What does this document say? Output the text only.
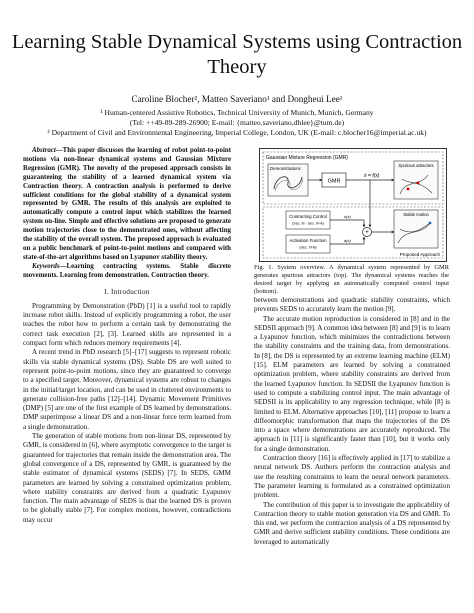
Learning Stable Dynamical Systems using Contraction Theory
Caroline Blocher², Matteo Saveriano¹ and Dongheui Lee¹
¹ Human-centered Assistive Robotics, Technical University of Munich, Munich, Germany
(Tel: ++49-89-289-26900; E-mail: {matteo.saveriano,dhlee}@tum.de)
² Department of Civil and Environmental Engineering, Imperial College, London, UK (E-mail: c.blocher16@imperial.ac.uk)

Abstract—This paper discusses the learning of robot point-to-point motions via non-linear dynamical systems and Gaussian Mixture Regression (GMR). The novelty of the proposed approach consists in guaranteeing the stability of a learned dynamical system via Contraction theory. A contraction analysis is performed to derive sufficient conditions for the global stability of a dynamical system represented by GMR. The results of this analysis are exploited to automatically compute a control input which stabilizes the learned system on-line. Simple and effective solutions are proposed to generate motion trajectories close to the demonstrated ones, without affecting the stability of the overall system. The proposed approach is evaluated on a public benchmark of point-to-point motions and compared with state-of-the-art algorithms based on Lyapunov stability theory.

Keywords—Learning contracting systems. Stable discrete movements. Learning from demonstration. Contraction theory.

I. Introduction

Programming by Demonstration (PbD) [1] is a useful tool to rapidly increase robot skills. Instead of explicitly programming a robot, the user teaches the robot how to perform a certain task by demonstrating the correct task execution [2], [3]. Learned skills are represented in a compact form which reduces memory requirements [4].

A recent trend in PbD research [5]–[17] suggests to represent robotic skills via stable dynamical systems (DS). Stable DS are well suited to represent point-to-point motions, since they are guaranteed to converge to a specified target. Moreover, dynamical systems are robust to changes in the initial/target location, and can be used in cluttered environments to generate collision-free paths [12]–[14]. Dynamic Movement Primitives (DMP) [5] are one of the first example of DS learned by demonstrations. DMP superimpose a linear DS and a non-linear force term learned from a single demonstration.

The generation of stable motions from non-linear DS, represented by GMR, is considered in [6], where asymptotic convergence to the target is guaranteed for trajectories that remain inside the demonstration area. The global convergence of a DS, represented by GMR, is guaranteed by the stable estimator of dynamical systems (SEDS) [7]. In SEDS, GMM parameters are learned by solving a constrained optimization problem, where stability constraints are derived from a quadratic Lyapunov function. The main advantage of SEDS is that the learned DS is proven to be globally stable [7]. For complex motions, however, contradictions may occur

Gaussian Mixture Regression (GMR)
Demonstrations
GMR
ẋ = f(x)
Spurious attractors
Proposed Approach
Contracting Control
(Sec. III - Sec. IV-A)
Activation Function
(Sec. IV-B)
u(x)
a(x)
+
Stable motion
Fig. 1. System overview. A dynamical system represented by GMR generates spurious attractors (top). The dynamical systems reaches the desired target by applying an automatically computed control input (bottom).

between demonstrations and quadratic stability constraints, which prevents SEDS to accurately learn the motion [9].

The accurate motion reproduction is considered in [8] and in the SEDSII approach [9]. A common idea between [8] and [9] is to learn a Lyapunov function, which minimizes the contradictions between the stability constraints and the training data, from demonstrations. In [8], the DS is represented by an extreme learning machine (ELM) [15]. ELM parameters are learned by solving a constrained optimization problem, where stability constraints are derived from the learned Lyapunov function. In SEDSII the Lyapunov function is used to compute a stabilizing control input. The main advantage of SEDSII is its applicability to any regression technique, while [8] is limited to ELM. Alternative approaches [10], [11] propose to learn a diffeomorphic transformation that maps the trajectories of the DS into a space where demonstrations are accurately reproduced. The approach in [11] is significantly faster than [10], but it works only for a single demonstration.

Contraction theory [16] is effectively applied in [17] to stabilize a neural network DS. Authors perform the contraction analysis and use the resulting constraints to learn the neural network parameters. The parameter learning is formulated as a constrained optimization problem.

The contribution of this paper is to investigate the applicability of Contraction theory to stable motion generation via DS and GMR. To this end, we perform the contraction analysis of a DS represented by GMR and derive sufficient stability conditions. These conditions are leveraged to automatically
